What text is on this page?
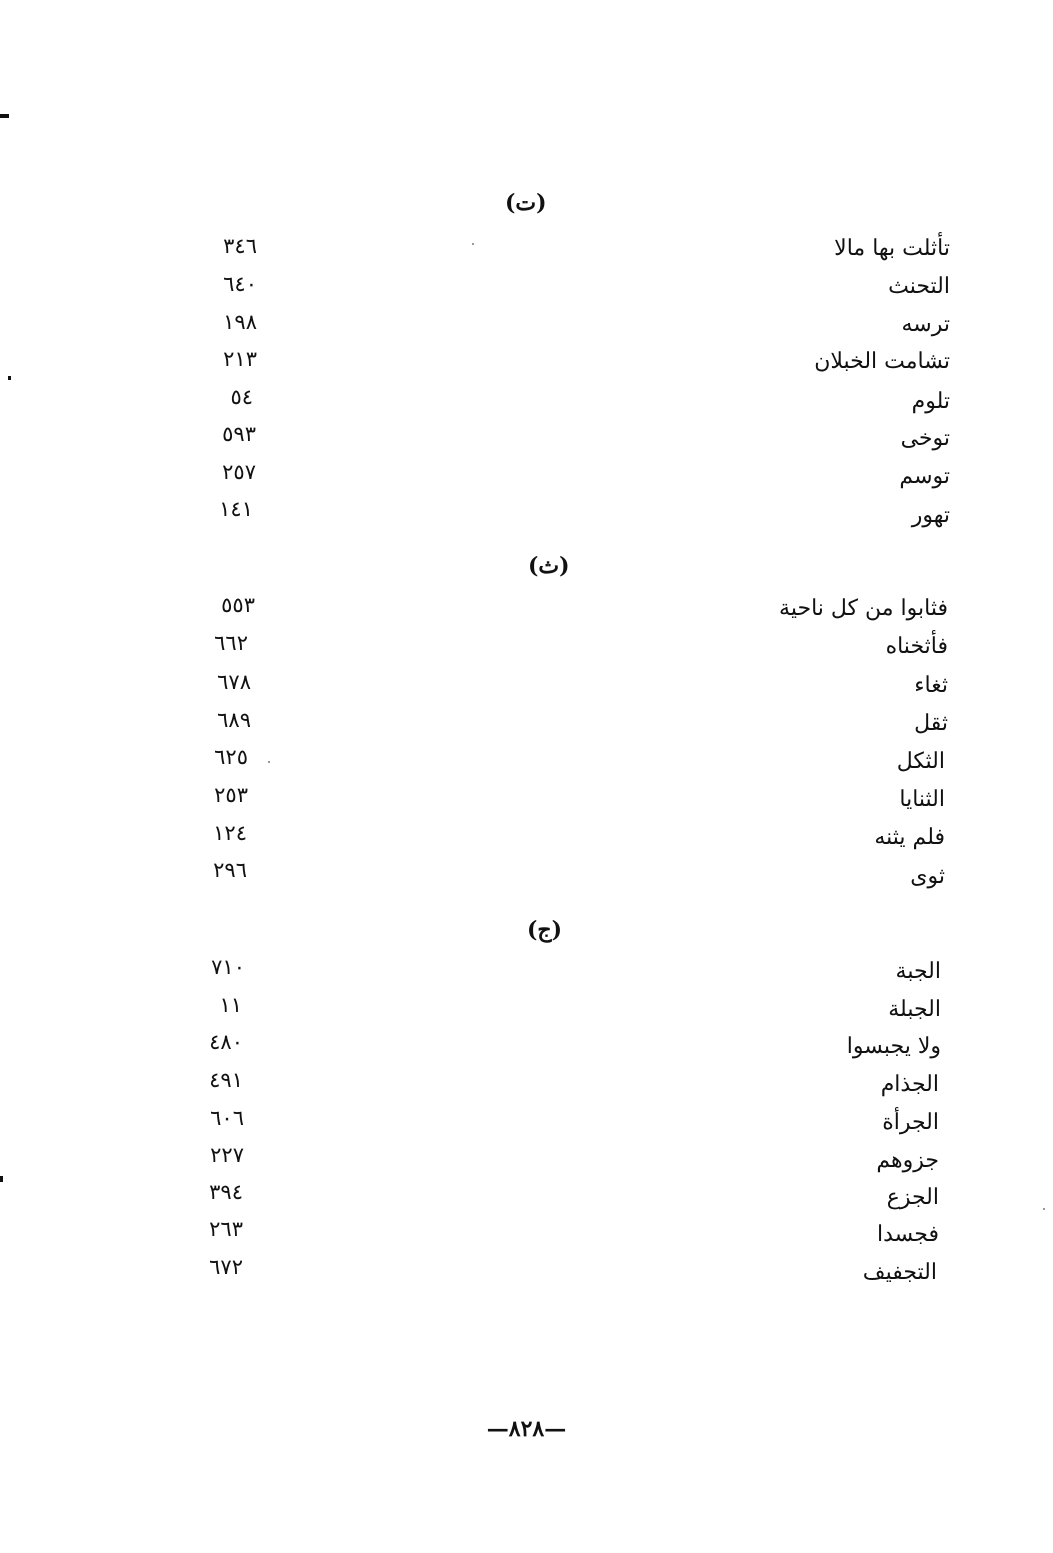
(ت)
تأثلت بها مالا
٣٤٦
التحنث
٦٤٠
ترسه
١٩٨
تشامت الخبلان
٢١٣
تلوم
٥٤
توخى
٥٩٣
توسم
٢٥٧
تهور
١٤١
(ث)
فثابوا من كل ناحية
٥٥٣
فأثخناه
٦٦٢
ثغاء
٦٧٨
ثقل
٦٨٩
الثكل
٦٢٥
الثنايا
٢٥٣
فلم يثنه
١٢٤
ثوى
٢٩٦
(ج)
الجبة
٧١٠
الجبلة
١١
ولا يجبسوا
٤٨٠
الجذام
٤٩١
الجرأة
٦٠٦
جزوهم
٢٢٧
الجزع
٣٩٤
فجسدا
٢٦٣
التجفيف
٦٧٢
—٨٢٨—
